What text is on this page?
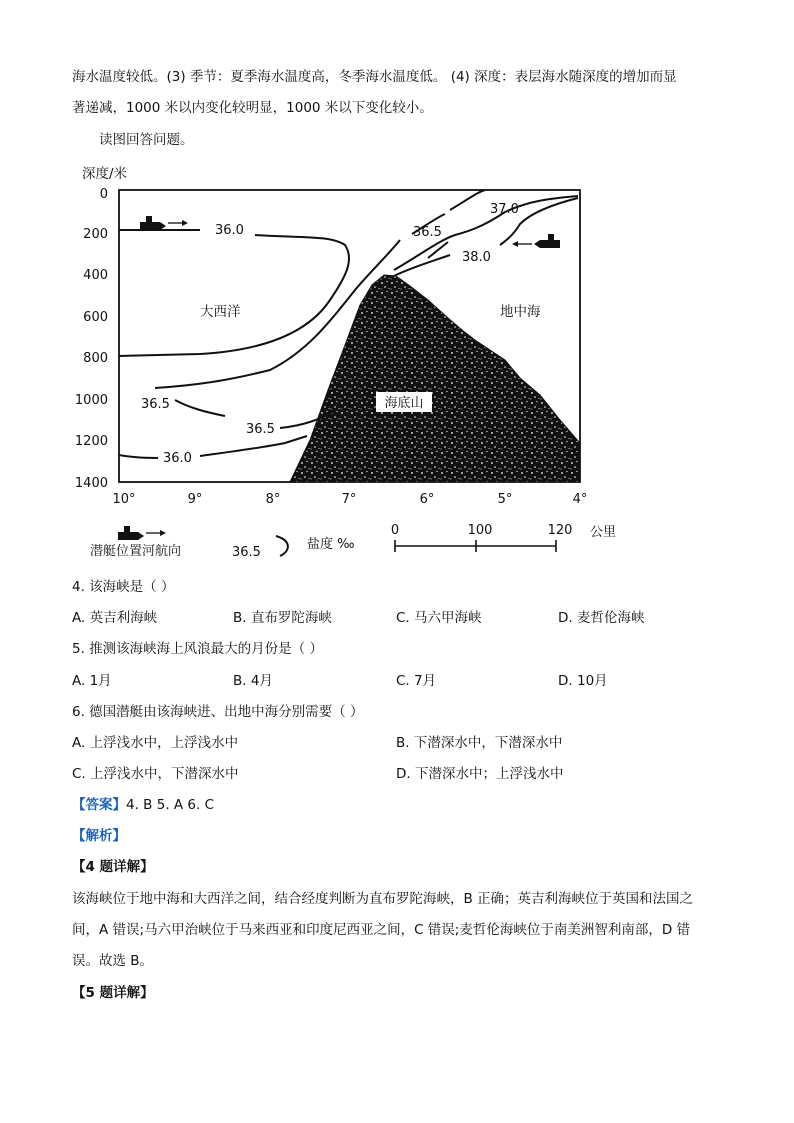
海水温度较低。(3) 季节：夏季海水温度高，冬季海水温度低。 (4) 深度：表层海水随深度的增加而显
著递减，1000 米以内变化较明显，1000 米以下变化较小。
读图回答问题。
深度/米
0
200
400
600
800
1000
1200
1400
10°	9°	8°	7°	6°	5°	4°
海底山
36.0	36.5
37.0
38.0
36.5
36.5
36.0
大西洋	地中海
潜艇位置河航向	36.5
盐度 ‰
0	100	120 公里
4. 该海峡是（ ）
A. 英吉利海峡	B. 直布罗陀海峡	C. 马六甲海峡	D. 麦哲伦海峡
5. 推测该海峡海上风浪最大的月份是（ ）
A. 1月	B. 4月	C. 7月	D. 10月
6. 德国潜艇由该海峡进、出地中海分别需要（ ）
A. 上浮浅水中，上浮浅水中	B. 下潜深水中，下潜深水中
C. 上浮浅水中，下潜深水中	D. 下潜深水中；上浮浅水中
【答案】4. B 5. A 6. C
【解析】
【4 题详解】
该海峡位于地中海和大西洋之间，结合经度判断为直布罗陀海峡，B 正确；英吉利海峡位于英国和法国之
间，A 错误;马六甲治峡位于马来西亚和印度尼西亚之间，C 错误;麦哲伦海峡位于南美洲智利南部，D 错
误。故选 B。
【5 题详解】
